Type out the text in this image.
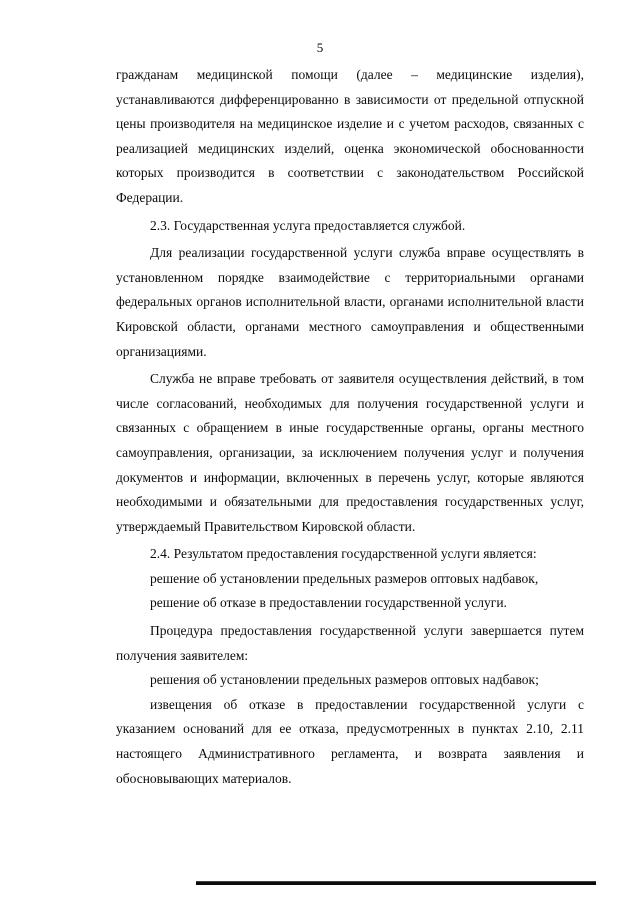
5

гражданам медицинской помощи (далее – медицинские изделия), устанавливаются дифференцированно в зависимости от предельной отпускной цены производителя на медицинское изделие и с учетом расходов, связанных с реализацией медицинских изделий, оценка экономической обоснованности которых производится в соответствии с законодательством Российской Федерации.

2.3. Государственная услуга предоставляется службой.

Для реализации государственной услуги служба вправе осуществлять в установленном порядке взаимодействие с территориальными органами федеральных органов исполнительной власти, органами исполнительной власти Кировской области, органами местного самоуправления и общественными организациями.

Служба не вправе требовать от заявителя осуществления действий, в том числе согласований, необходимых для получения государственной услуги и связанных с обращением в иные государственные органы, органы местного самоуправления, организации, за исключением получения услуг и получения документов и информации, включенных в перечень услуг, которые являются необходимыми и обязательными для предоставления государственных услуг, утверждаемый Правительством Кировской области.

2.4. Результатом предоставления государственной услуги является:

решение об установлении предельных размеров оптовых надбавок,

решение об отказе в предоставлении государственной услуги.

Процедура предоставления государственной услуги завершается путем получения заявителем:

решения об установлении предельных размеров оптовых надбавок;

извещения об отказе в предоставлении государственной услуги с указанием оснований для ее отказа, предусмотренных в пунктах 2.10, 2.11 настоящего Административного регламента, и возврата заявления и обосновывающих материалов.
